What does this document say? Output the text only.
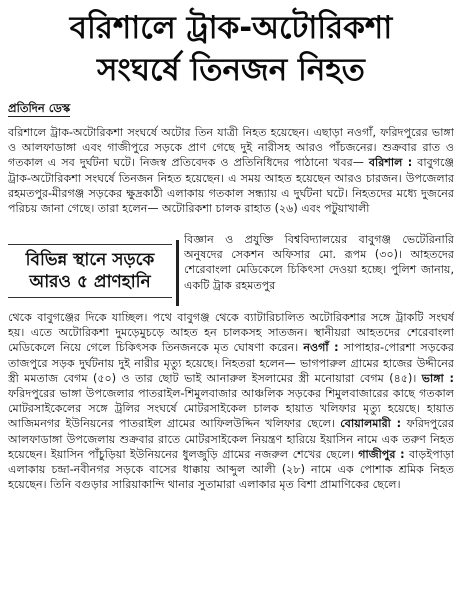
বরিশালে ট্রাক-অটোরিকশা
সংঘর্ষে তিনজন নিহত
প্রতিদিন ডেস্ক
বরিশালে ট্রাক-অটোরিকশা সংঘর্ষে অটোর তিন যাত্রী নিহত হয়েছেন। এছাড়া নওগাঁ, ফরিদপুরের ভাঙ্গা ও আলফাডাঙ্গা এবং গাজীপুরে সড়কে প্রাণ গেছে দুই নারীসহ আরও পাঁচজনের। শুক্রবার রাত ও গতকাল এ সব দুর্ঘটনা ঘটে। নিজস্ব প্রতিবেদক ও প্রতিনিধিদের পাঠানো খবর— বরিশাল : বাবুগঞ্জে ট্রাক-অটোরিকশা সংঘর্ষে তিনজন নিহত হয়েছেন। এ সময় আহত হয়েছেন আরও চারজন। উপজেলার রহমতপুর-মীরগঞ্জ সড়কের ক্ষুদ্রকাঠী এলাকায় গতকাল সন্ধ্যায় এ দুর্ঘটনা ঘটে। নিহতদের মধ্যে দুজনের পরিচয় জানা গেছে। তারা হলেন— অটোরিকশা চালক রাহাত (২৬) এবং পটুয়াখালী
বিভিন্ন স্থানে সড়কে
আরও ৫ প্রাণহানি
বিজ্ঞান ও প্রযুক্তি বিশ্ববিদ্যালয়ের বাবুগঞ্জ ভেটেরিনারি অনুষদের সেকশন অফিসার মো. রূপম (৩০)। আহতদের শেরেবাংলা মেডিকেলে চিকিৎসা দেওয়া হচ্ছে। পুলিশ জানায়, একটি ট্রাক রহমতপুর
থেকে বাবুগঞ্জের দিকে যাচ্ছিল। পথে বাবুগঞ্জ থেকে ব্যাটারিচালিত অটোরিকশার সঙ্গে ট্রাকটি সংঘর্ষ হয়। এতে অটোরিকশা দুমড়েমুচড়ে আহত হন চালকসহ সাতজন। স্থানীয়রা আহতদের শেরেবাংলা মেডিকেলে নিয়ে গেলে চিকিৎসক তিনজনকে মৃত ঘোষণা করেন। নওগাঁ : সাপাহার-পোরশা সড়কের তাজপুরে সড়ক দুর্ঘটনায় দুই নারীর মৃত্যু হয়েছে। নিহতরা হলেন— ভাগপারুল গ্রামের হাজের উদ্দীনের স্ত্রী মমতাজ বেগম (৫০) ও তার ছোট ভাই আনারুল ইসলামের স্ত্রী মনোয়ারা বেগম (৪৫)। ভাঙ্গা : ফরিদপুরের ভাঙ্গা উপজেলার পাতরাইল-শিমুলবাজার আঞ্চলিক সড়কের শিমুলবাজারের কাছে গতকাল মোটরসাইকেলের সঙ্গে ট্রলির সংঘর্ষে মোটরসাইকেল চালক হায়াত খলিফার মৃত্যু হয়েছে। হায়াত আজিমনগর ইউনিয়নের পাতরাইল গ্রামের আফিলউদ্দিন খলিফার ছেলে। বোয়ালমারী : ফরিদপুরের আলফাডাঙ্গা উপজেলায় শুক্রবার রাতে মোটরসাইকেল নিয়ন্ত্রণ হারিয়ে ইয়াসিন নামে এক তরুণ নিহত হয়েছেন। ইয়াসিন পাঁচুড়িয়া ইউনিয়নের ধুলজুড়ি গ্রামের নজরুল শেখের ছেলে। গাজীপুর : বাড়ইপাড়া এলাকায় চন্দ্রা-নবীনগর সড়কে বাসের ধাক্কায় আব্দুল আলী (২৮) নামে এক পোশাক শ্রমিক নিহত হয়েছেন। তিনি বগুড়ার সারিয়াকান্দি থানার সুতামারা এলাকার মৃত বিশা প্রামাণিকের ছেলে।
